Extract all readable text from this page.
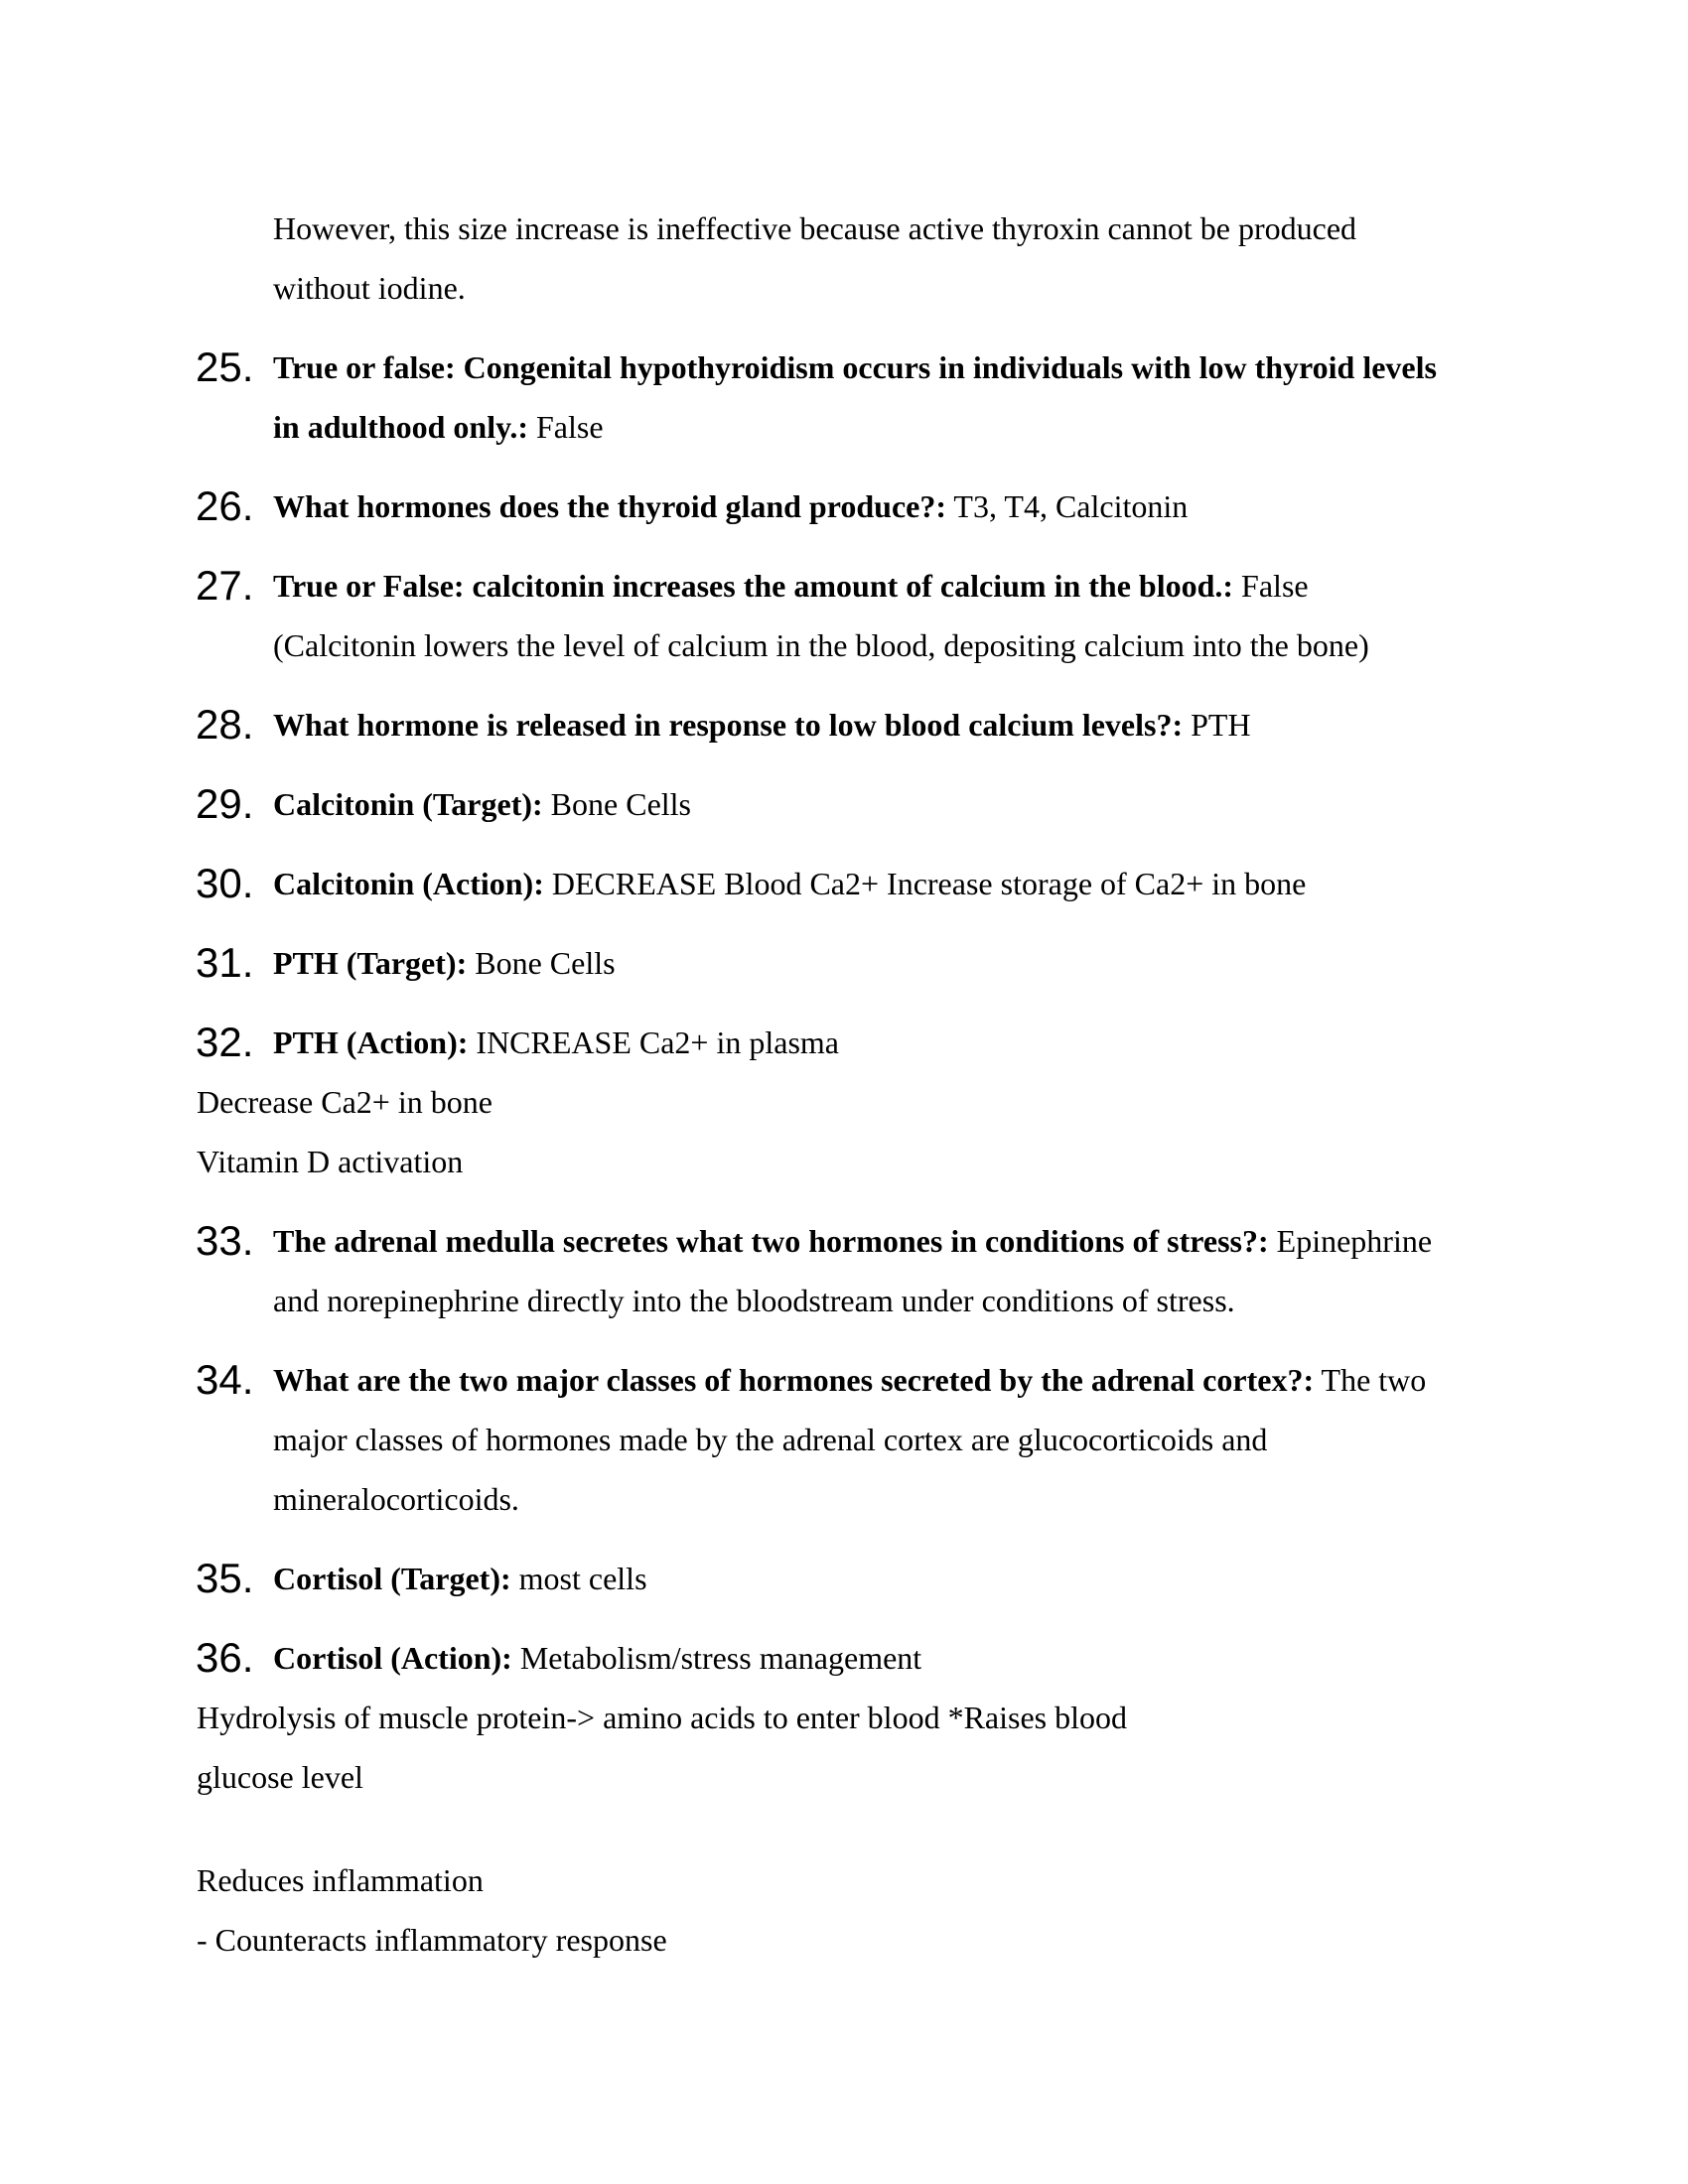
However, this size increase is ineffective because active thyroxin cannot be produced
without iodine.
25. True or false: Congenital hypothyroidism occurs in individuals with low thyroid levels
in adulthood only.: False
26. What hormones does the thyroid gland produce?: T3, T4, Calcitonin
27. True or False: calcitonin increases the amount of calcium in the blood.: False
(Calcitonin lowers the level of calcium in the blood, depositing calcium into the bone)
28. What hormone is released in response to low blood calcium levels?: PTH
29. Calcitonin (Target): Bone Cells
30. Calcitonin (Action): DECREASE Blood Ca2+ Increase storage of Ca2+ in bone
31. PTH (Target): Bone Cells
32. PTH (Action): INCREASE Ca2+ in plasma
Decrease Ca2+ in bone
Vitamin D activation
33. The adrenal medulla secretes what two hormones in conditions of stress?: Epinephrine
and norepinephrine directly into the bloodstream under conditions of stress.
34. What are the two major classes of hormones secreted by the adrenal cortex?: The two
major classes of hormones made by the adrenal cortex are glucocorticoids and
mineralocorticoids.
35. Cortisol (Target): most cells
36. Cortisol (Action): Metabolism/stress management
Hydrolysis of muscle protein-> amino acids to enter blood *Raises blood
glucose level
Reduces inflammation
- Counteracts inflammatory response
